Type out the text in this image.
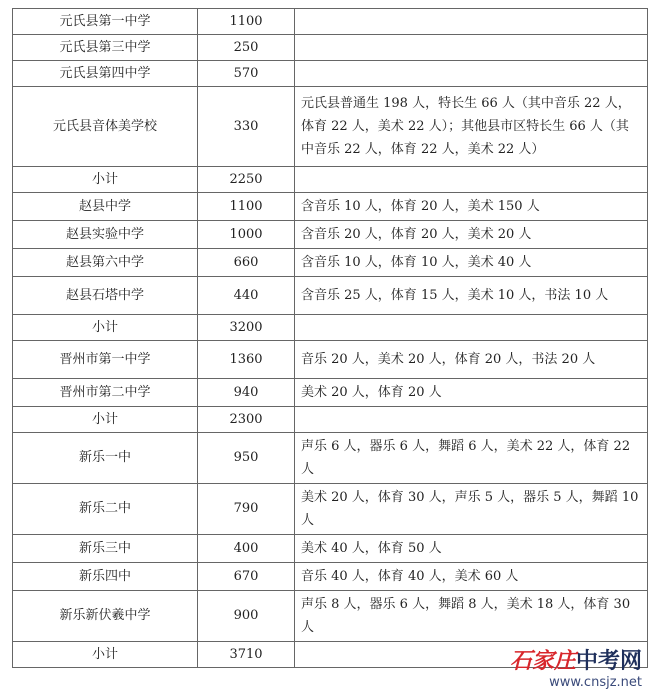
元氏县第一中学	1100	
元氏县第三中学	250	
元氏县第四中学	570	
元氏县音体美学校	330	元氏县普通生 198 人，特长生 66 人（其中音乐 22 人，体育 22 人，美术 22 人）；其他县市区特长生 66 人（其中音乐 22 人，体育 22 人，美术 22 人）
小计	2250	
赵县中学	1100	含音乐 10 人，体育 20 人，美术 150 人
赵县实验中学	1000	含音乐 20 人，体育 20 人，美术 20 人
赵县第六中学	660	含音乐 10 人，体育 10 人，美术 40 人
赵县石塔中学	440	含音乐 25 人，体育 15 人，美术 10 人，书法 10 人
小计	3200	
晋州市第一中学	1360	音乐 20 人，美术 20 人，体育 20 人，书法 20 人
晋州市第二中学	940	美术 20 人，体育 20 人
小计	2300	
新乐一中	950	声乐 6 人，器乐 6 人，舞蹈 6 人，美术 22 人，体育 22 人
新乐二中	790	美术 20 人，体育 30 人，声乐 5 人，器乐 5 人，舞蹈 10 人
新乐三中	400	美术 40 人，体育 50 人
新乐四中	670	音乐 40 人，体育 40 人，美术 60 人
新乐新伏羲中学	900	声乐 8 人，器乐 6 人，舞蹈 8 人，美术 18 人，体育 30 人
小计	3710		石家庄中考网
www.cnsjz.net
